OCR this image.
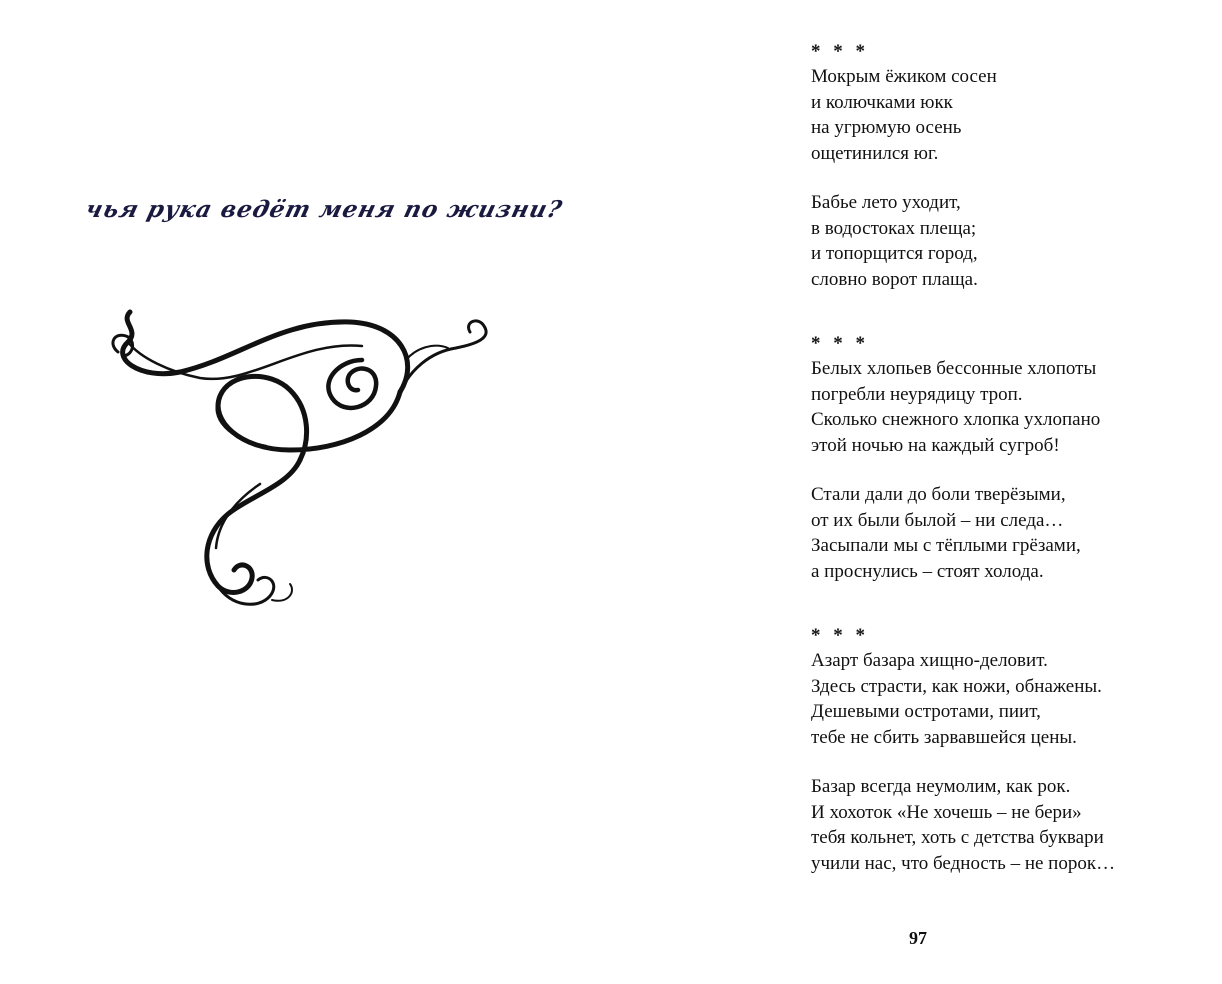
чья рука ведёт меня по жизни?
* * *
Мокрым ёжиком сосен
и колючками юкк
на угрюмую осень
ощетинился юг.
Бабье лето уходит,
в водостоках плеща;
и топорщится город,
словно ворот плаща.
* * *
Белых хлопьев бессонные хлопоты
погребли неурядицу троп.
Сколько снежного хлопка ухлопано
этой ночью на каждый сугроб!
Стали дали до боли тверёзыми,
от их были былой – ни следа…
Засыпали мы с тёплыми грёзами,
а проснулись – стоят холода.
* * *
Азарт базара хищно-деловит.
Здесь страсти, как ножи, обнажены.
Дешевыми остротами, пиит,
тебе не сбить зарвавшейся цены.
Базар всегда неумолим, как рок.
И хохоток «Не хочешь – не бери»
тебя кольнет, хоть с детства буквари
учили нас, что бедность – не порок…
97
